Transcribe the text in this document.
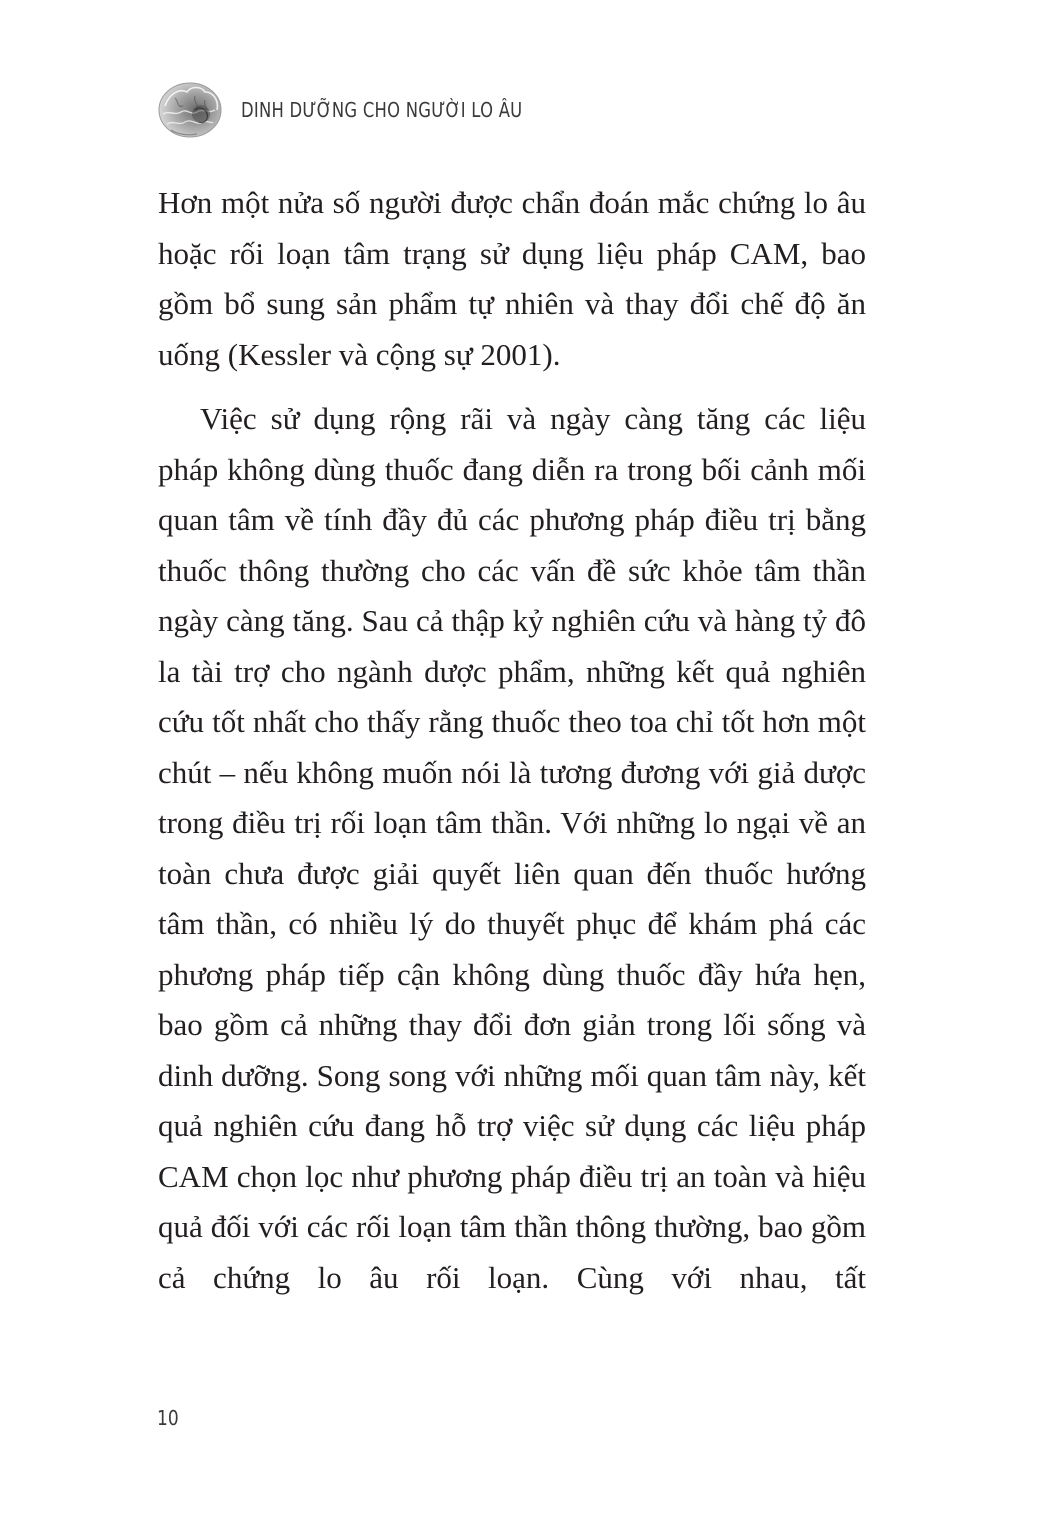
DINH DƯỠNG CHO NGƯỜI LO ÂU

Hơn một nửa số người được chẩn đoán mắc chứng lo âu hoặc rối loạn tâm trạng sử dụng liệu pháp CAM, bao gồm bổ sung sản phẩm tự nhiên và thay đổi chế độ ăn uống (Kessler và cộng sự 2001).

Việc sử dụng rộng rãi và ngày càng tăng các liệu pháp không dùng thuốc đang diễn ra trong bối cảnh mối quan tâm về tính đầy đủ các phương pháp điều trị bằng thuốc thông thường cho các vấn đề sức khỏe tâm thần ngày càng tăng. Sau cả thập kỷ nghiên cứu và hàng tỷ đô la tài trợ cho ngành dược phẩm, những kết quả nghiên cứu tốt nhất cho thấy rằng thuốc theo toa chỉ tốt hơn một chút – nếu không muốn nói là tương đương với giả dược trong điều trị rối loạn tâm thần. Với những lo ngại về an toàn chưa được giải quyết liên quan đến thuốc hướng tâm thần, có nhiều lý do thuyết phục để khám phá các phương pháp tiếp cận không dùng thuốc đầy hứa hẹn, bao gồm cả những thay đổi đơn giản trong lối sống và dinh dưỡng. Song song với những mối quan tâm này, kết quả nghiên cứu đang hỗ trợ việc sử dụng các liệu pháp CAM chọn lọc như phương pháp điều trị an toàn và hiệu quả đối với các rối loạn tâm thần thông thường, bao gồm cả chứng lo âu rối loạn. Cùng với nhau, tất

10
